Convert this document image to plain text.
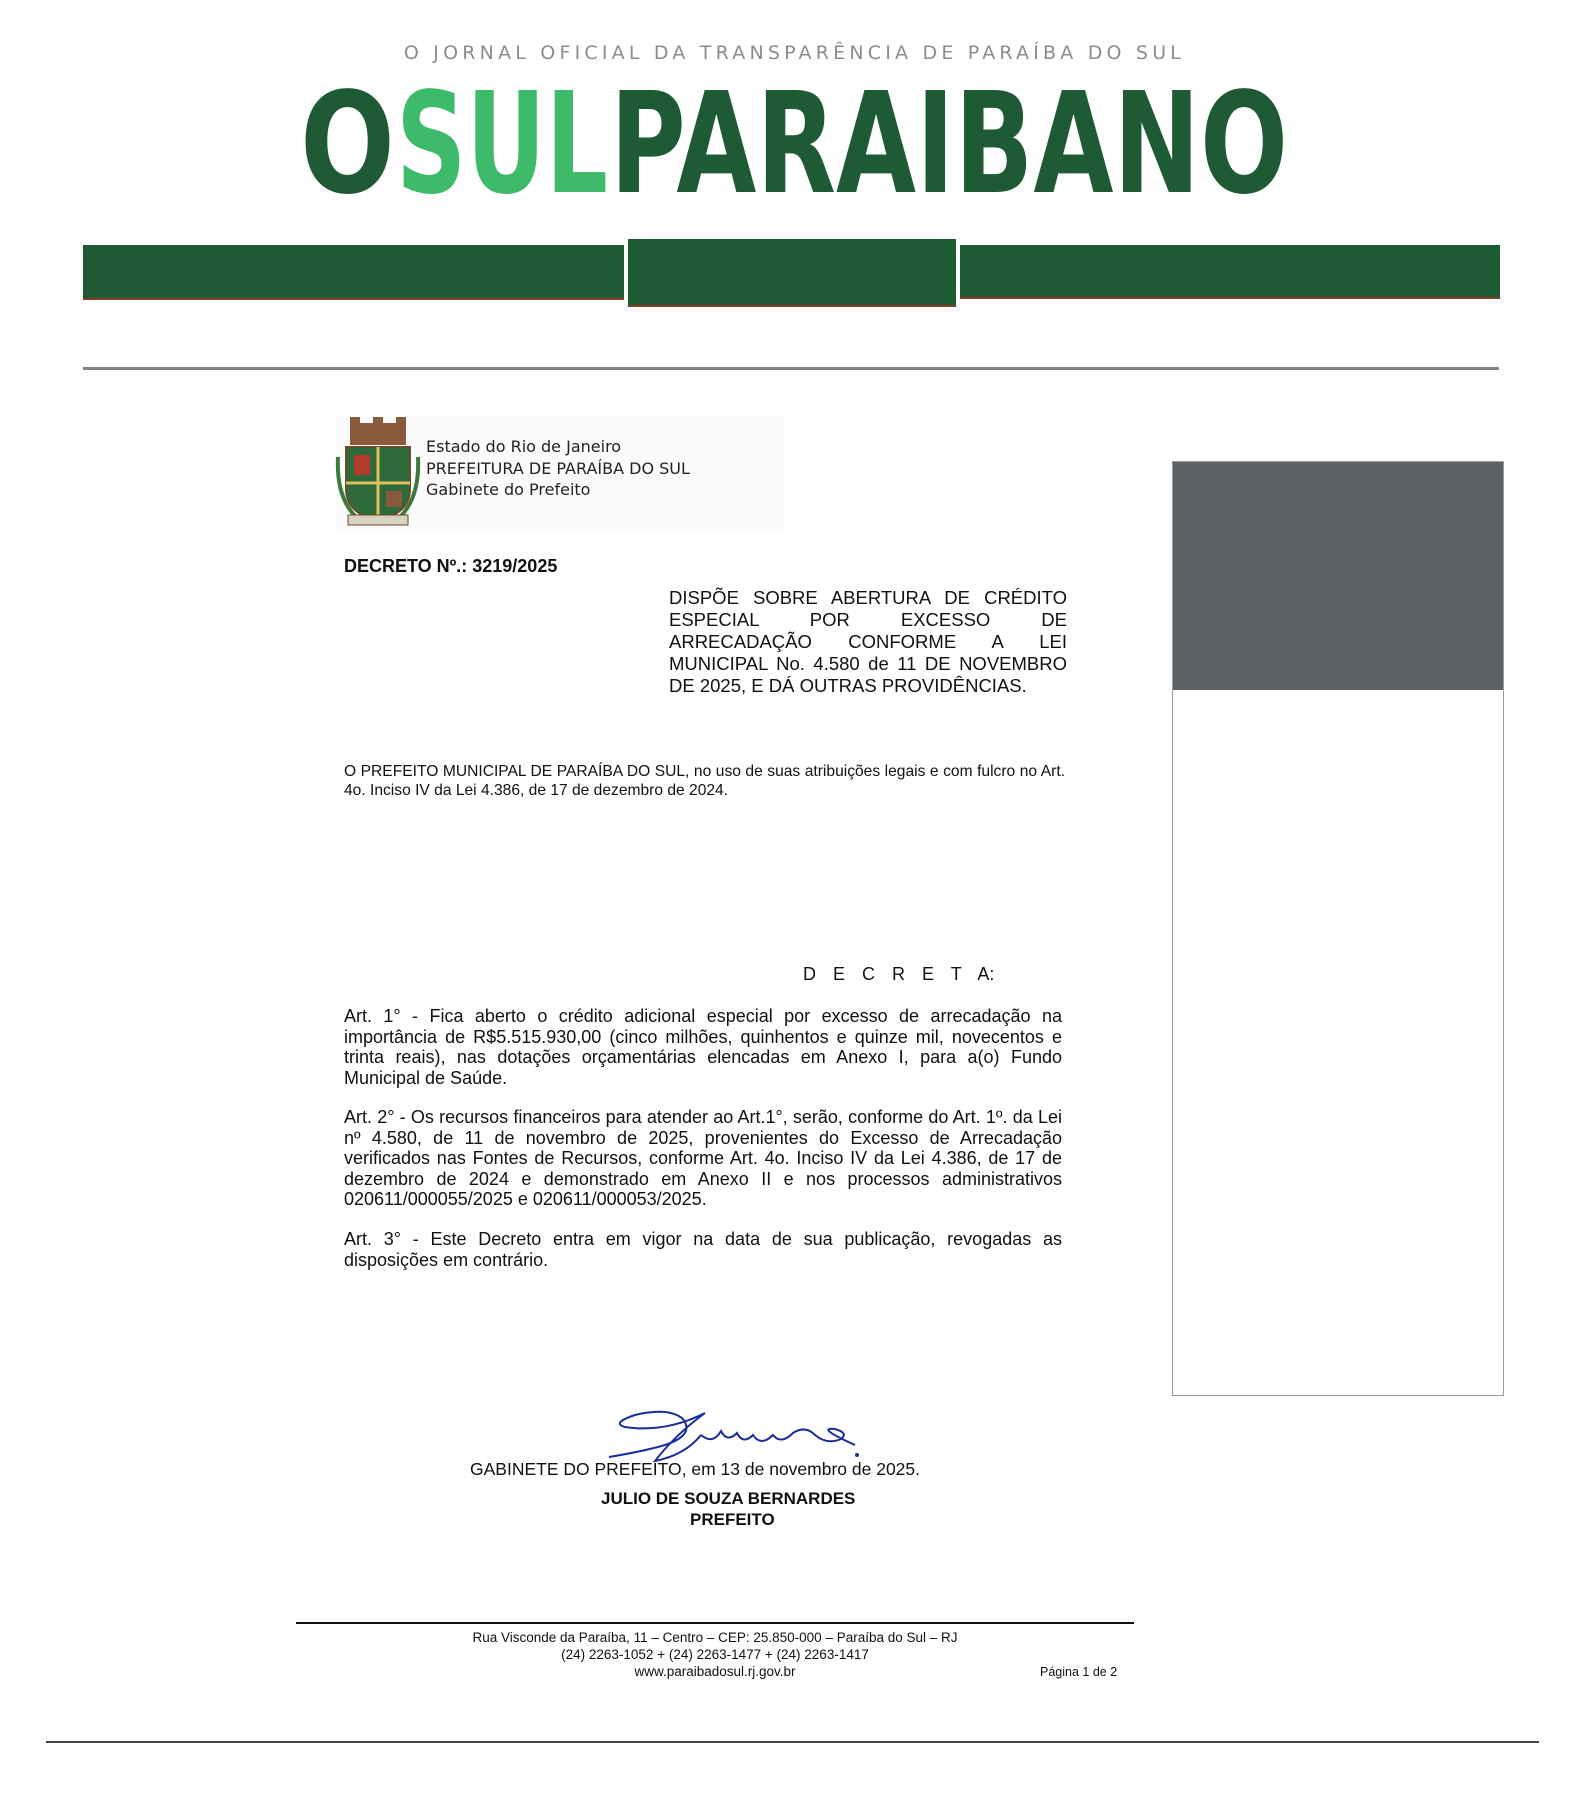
O JORNAL OFICIAL DA TRANSPARÊNCIA DE PARAÍBA DO SUL
O SUL PARAIBANO
Estado do Rio de Janeiro
PREFEITURA DE PARAÍBA DO SUL
Gabinete do Prefeito
DECRETO Nº.: 3219/2025
DISPÕE SOBRE ABERTURA DE CRÉDITO ESPECIAL POR EXCESSO DE ARRECADAÇÃO CONFORME A LEI MUNICIPAL No. 4.580 de 11 DE NOVEMBRO DE 2025, E DÁ OUTRAS PROVIDÊNCIAS.
O PREFEITO MUNICIPAL DE PARAÍBA DO SUL, no uso de suas atribuições legais e com fulcro no Art. 4o. Inciso IV da Lei 4.386, de 17 de dezembro de 2024.
D E C R E T A:
Art. 1° - Fica aberto o crédito adicional especial por excesso de arrecadação na importância de R$5.515.930,00 (cinco milhões, quinhentos e quinze mil, novecentos e trinta reais), nas dotações orçamentárias elencadas em Anexo I, para a(o) Fundo Municipal de Saúde.
Art. 2° - Os recursos financeiros para atender ao Art.1°, serão, conforme do Art. 1º. da Lei nº 4.580, de 11 de novembro de 2025, provenientes do Excesso de Arrecadação verificados nas Fontes de Recursos, conforme Art. 4o. Inciso IV da Lei 4.386, de 17 de dezembro de 2024 e demonstrado em Anexo II e nos processos administrativos 020611/000055/2025 e 020611/000053/2025.
Art. 3° - Este Decreto entra em vigor na data de sua publicação, revogadas as disposições em contrário.
GABINETE DO PREFEITO, em 13 de novembro de 2025.
JULIO DE SOUZA BERNARDES
PREFEITO
Rua Visconde da Paraíba, 11 – Centro – CEP: 25.850-000 – Paraíba do Sul – RJ
(24) 2263-1052 + (24) 2263-1477 + (24) 2263-1417
www.paraibadosul.rj.gov.br	Página 1 de 2
